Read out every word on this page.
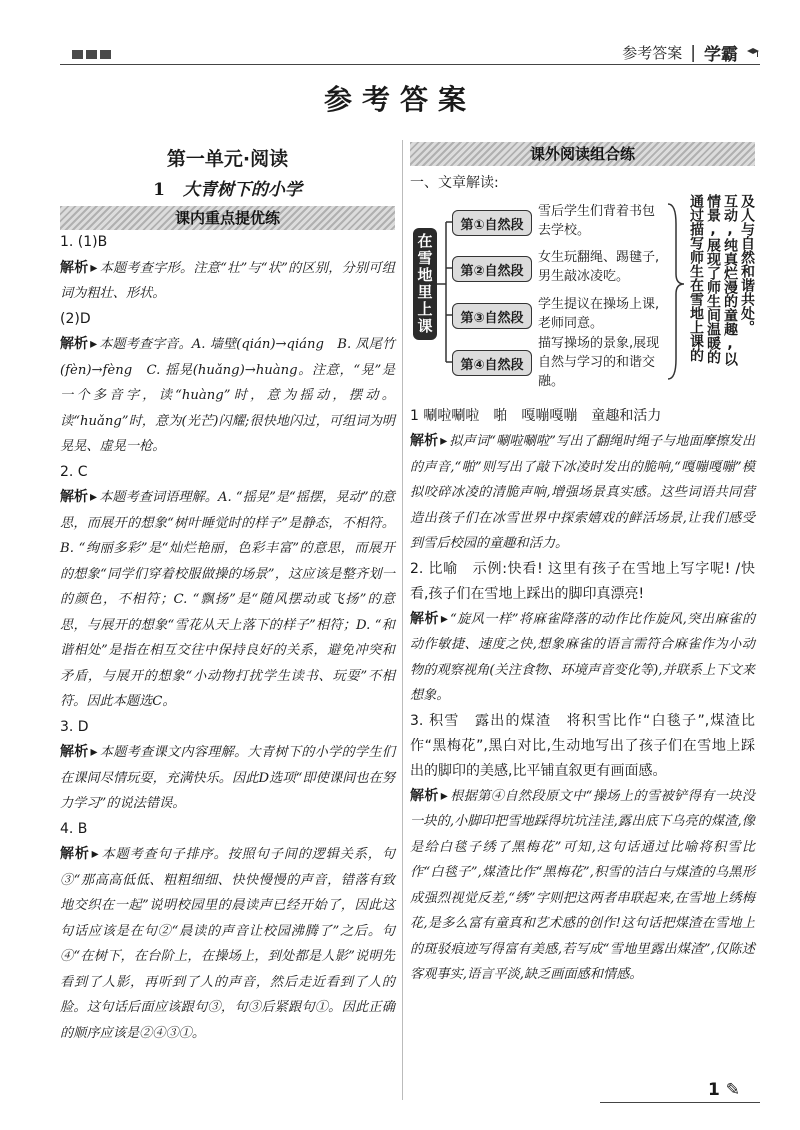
参考答案 | 学霸
参考答案
第一单元·阅读
1 大青树下的小学
课内重点提优练
1. (1)B
解析 ▸ 本题考查字形。注意“壮”与“状”的区别，分别可组词为粗壮、形状。
(2)D
解析 ▸ 本题考查字音。A. 墙壁(qián)→qiáng　B. 凤尾竹(fèn)→fèng　C. 摇晃(huǎng)→huàng。注意，“晃”是一个多音字，读“huàng”时，意为摇动，摆动。读“huǎng”时，意为(光芒)闪耀;很快地闪过，可组词为明晃晃、虚晃一枪。
2. C
解析 ▸ 本题考查词语理解。A. “摇晃”是“摇摆，晃动”的意思，而展开的想象“树叶睡觉时的样子”是静态，不相符。B. “绚丽多彩”是“灿烂艳丽，色彩丰富”的意思，而展开的想象“同学们穿着校服做操的场景”，这应该是整齐划一的颜色，不相符；C. “飘扬”是“随风摆动或飞扬”的意思，与展开的想象“雪花从天上落下的样子”相符；D. “和谐相处”是指在相互交往中保持良好的关系，避免冲突和矛盾，与展开的想象“小动物打扰学生读书、玩耍”不相符。因此本题选C。
3. D
解析 ▸ 本题考查课文内容理解。大青树下的小学的学生们在课间尽情玩耍，充满快乐。因此D选项“即使课间也在努力学习”的说法错误。
4. B
解析 ▸ 本题考查句子排序。按照句子间的逻辑关系，句③“那高高低低、粗粗细细、快快慢慢的声音，错落有致地交织在一起”说明校园里的晨读声已经开始了，因此这句话应该是在句②“晨读的声音让校园沸腾了”之后。句④“在树下，在台阶上，在操场上，到处都是人影”说明先看到了人影，再听到了人的声音，然后走近看到了人的脸。这句话后面应该跟句③，句③后紧跟句①。因此正确的顺序应该是②④③①。
课外阅读组合练
一、文章解读:
在雪地里上课
第①自然段
雪后学生们背着书包去学校。
第②自然段
女生玩翻绳、踢毽子,男生敲冰凌吃。
第③自然段
学生提议在操场上课,老师同意。
第④自然段
描写操场的景象,展现自然与学习的和谐交融。
通过描写师生在雪地上课的 情景,展现了师生间温暖的 互动,纯真烂漫的童趣,以 及人与自然和谐共处。
1 唰啦唰啦　啪　嘎嘣嘎嘣　童趣和活力
解析 ▸ 拟声词“唰啦唰啦”写出了翻绳时绳子与地面摩擦发出的声音,“啪”则写出了敲下冰凌时发出的脆响,“嘎嘣嘎嘣”模拟咬碎冰凌的清脆声响,增强场景真实感。这些词语共同营造出孩子们在冰雪世界中探索嬉戏的鲜活场景,让我们感受到雪后校园的童趣和活力。
2. 比喻　示例:快看! 这里有孩子在雪地上写字呢! /快看,孩子们在雪地上踩出的脚印真漂亮!
解析 ▸ “旋风一样”将麻雀降落的动作比作旋风,突出麻雀的动作敏捷、速度之快,想象麻雀的语言需符合麻雀作为小动物的观察视角(关注食物、环境声音变化等),并联系上下文来想象。
3. 积雪　露出的煤渣　将积雪比作“白毯子”,煤渣比作“黑梅花”,黑白对比,生动地写出了孩子们在雪地上踩出的脚印的美感,比平铺直叙更有画面感。
解析 ▸ 根据第④自然段原文中“操场上的雪被铲得有一块没一块的,小脚印把雪地踩得坑坑洼洼,露出底下乌亮的煤渣,像是给白毯子绣了黑梅花”可知,这句话通过比喻将积雪比作“白毯子”,煤渣比作“黑梅花”,积雪的洁白与煤渣的乌黑形成强烈视觉反差,“绣”字则把这两者串联起来,在雪地上绣梅花,是多么富有童真和艺术感的创作!这句话把煤渣在雪地上的斑驳痕迹写得富有美感,若写成“雪地里露出煤渣”,仅陈述客观事实,语言平淡,缺乏画面感和情感。
1 ✎
